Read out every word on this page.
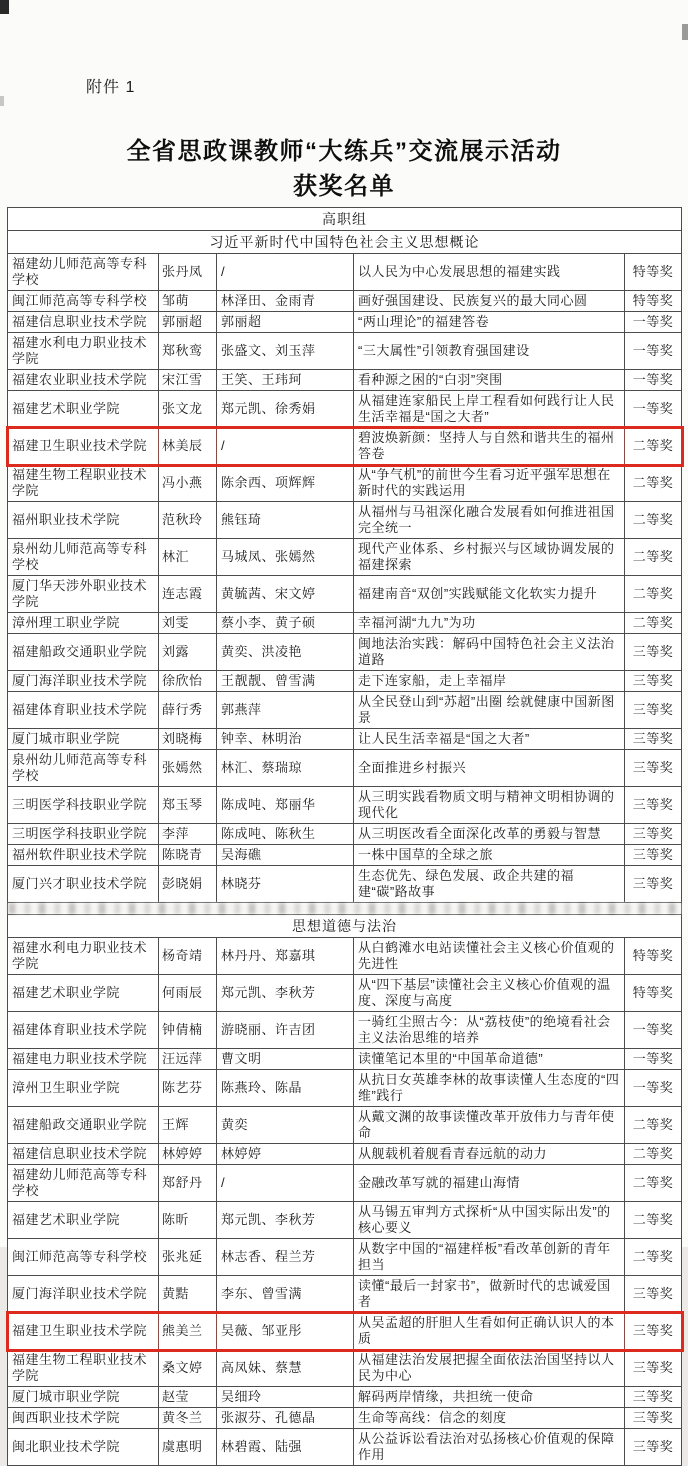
附件 1
全省思政课教师“大练兵”交流展示活动
获奖名单
高职组				
习近平新时代中国特色社会主义思想概论				
福建幼儿师范高等专科学校	张丹凤	/	以人民为中心发展思想的福建实践	特等奖
闽江师范高等专科学校	邹萌	林泽田、金雨青	画好强国建设、民族复兴的最大同心圆	特等奖
福建信息职业技术学院	郭丽超	郭丽超	“两山理论”的福建答卷	一等奖
福建水利电力职业技术学院	郑秋鸾	张盛文、刘玉萍	“三大属性”引领教育强国建设	一等奖
福建农业职业技术学院	宋江雪	王笑、王玮珂	看种源之困的“白羽”突围	一等奖
福建艺术职业学院	张文龙	郑元凯、徐秀娟	从福建连家船民上岸工程看如何践行让人民生活幸福是“国之大者”	一等奖
福建卫生职业技术学院	林美辰	/	碧波焕新颜：坚持人与自然和谐共生的福州答卷	二等奖
福建生物工程职业技术学院	冯小燕	陈余西、项辉辉	从“争气机”的前世今生看习近平强军思想在新时代的实践运用	二等奖
福州职业技术学院	范秋玲	熊钰琦	从福州与马祖深化融合发展看如何推进祖国完全统一	二等奖
泉州幼儿师范高等专科学校	林汇	马城凤、张嫣然	现代产业体系、乡村振兴与区域协调发展的福建探索	二等奖
厦门华天涉外职业技术学院	连志霞	黄毓茜、宋文婷	福建南音“双创”实践赋能文化软实力提升	二等奖
漳州理工职业学院	刘雯	蔡小李、黄子硕	幸福河湖“九九”为功	二等奖
福建船政交通职业学院	刘露	黄奕、洪凌艳	闽地法治实践：解码中国特色社会主义法治道路	三等奖
厦门海洋职业技术学院	徐欣怡	王靓靓、曾雪满	走下连家船，走上幸福岸	三等奖
福建体育职业技术学院	薛行秀	郭燕萍	从全民登山到“苏超”出圈 绘就健康中国新图景	三等奖
厦门城市职业学院	刘晓梅	钟幸、林明治	让人民生活幸福是“国之大者”	三等奖
泉州幼儿师范高等专科学校	张嫣然	林汇、蔡瑞琼	全面推进乡村振兴	三等奖
三明医学科技职业学院	郑玉琴	陈成吨、郑丽华	从三明实践看物质文明与精神文明相协调的现代化	三等奖
三明医学科技职业学院	李萍	陈成吨、陈秋生	从三明医改看全面深化改革的勇毅与智慧	三等奖
福州软件职业技术学院	陈晓青	吴海礁	一株中国草的全球之旅	三等奖
厦门兴才职业技术学院	彭晓娟	林晓芬	生态优先、绿色发展、政企共建的福建“碳”路故事	三等奖

思想道德与法治				
福建水利电力职业技术学院	杨奇靖	林丹丹、郑嘉琪	从白鹤滩水电站读懂社会主义核心价值观的先进性	特等奖
福建艺术职业学院	何雨辰	郑元凯、李秋芳	从“四下基层”读懂社会主义核心价值观的温度、深度与高度	特等奖
福建体育职业技术学院	钟倩楠	游晓丽、许吉团	一骑红尘照古今：从“荔枝使”的绝境看社会主义法治思维的培养	一等奖
福建电力职业技术学院	汪远萍	曹文明	读懂笔记本里的“中国革命道德”	一等奖
漳州卫生职业学院	陈艺芬	陈燕玲、陈晶	从抗日女英雄李林的故事读懂人生态度的“四维”践行	一等奖
福建船政交通职业学院	王辉	黄奕	从戴文渊的故事读懂改革开放伟力与青年使命	二等奖
福建信息职业技术学院	林婷婷	林婷婷	从舰载机着舰看青春远航的动力	二等奖
福建幼儿师范高等专科学校	郑舒丹	/	金融改革写就的福建山海情	二等奖
福建艺术职业学院	陈昕	郑元凯、李秋芳	从马锡五审判方式探析“从中国实际出发”的核心要义	二等奖
闽江师范高等专科学校	张兆延	林志香、程兰芳	从数字中国的“福建样板”看改革创新的青年担当	二等奖
厦门海洋职业技术学院	黄黠	李东、曾雪满	读懂“最后一封家书”，做新时代的忠诚爱国者	三等奖
福建卫生职业技术学院	熊美兰	吴薇、邹亚彤	从吴孟超的肝胆人生看如何正确认识人的本质	三等奖
福建生物工程职业技术学院	桑文婷	高凤妹、蔡慧	从福建法治发展把握全面依法治国坚持以人民为中心	三等奖
厦门城市职业学院	赵莹	吴细玲	解码两岸情缘，共担统一使命	三等奖
闽西职业技术学院	黄冬兰	张淑芬、孔德晶	生命等高线：信念的刻度	三等奖
闽北职业技术学院	虞惠明	林碧霞、陆强	从公益诉讼看法治对弘扬核心价值观的保障作用	三等奖
